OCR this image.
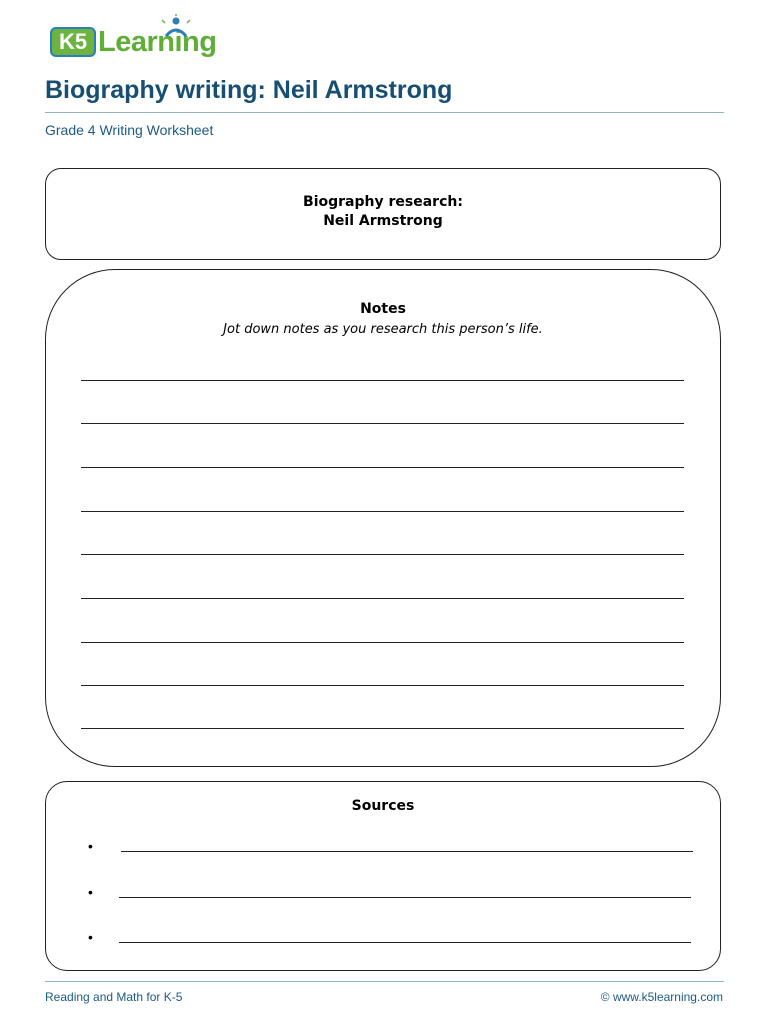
K5 Learning
Biography writing: Neil Armstrong
Grade 4 Writing Worksheet
Biography research:
Neil Armstrong
Notes
Jot down notes as you research this person’s life.
Sources
•
•
•
Reading and Math for K-5	© www.k5learning.com
